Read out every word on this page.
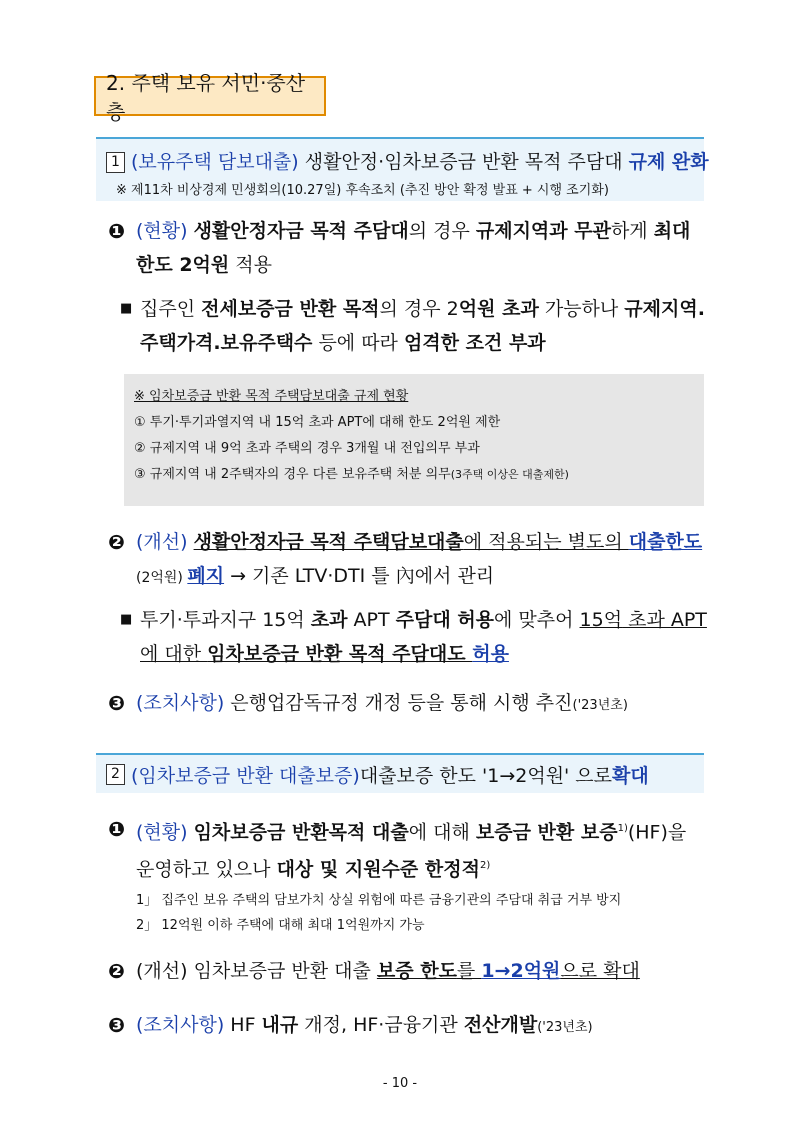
2. 주택 보유 서민·중산층
1 (보유주택 담보대출) 생활안정·임차보증금 반환 목적 주담대 규제 완화
※ 제11차 비상경제 민생회의(10.27일) 후속조치 (추진 방안 확정 발표 + 시행 조기화)
❶ (현황) 생활안정자금 목적 주담대의 경우 규제지역과 무관하게 최대한도 2억원 적용
■ 집주인 전세보증금 반환 목적의 경우 2억원 초과 가능하나 규제지역.주택가격.보유주택수 등에 따라 엄격한 조건 부과
※ 임차보증금 반환 목적 주택담보대출 규제 현황
① 투기·투기과열지역 내 15억 초과 APT에 대해 한도 2억원 제한
② 규제지역 내 9억 초과 주택의 경우 3개월 내 전입의무 부과
③ 규제지역 내 2주택자의 경우 다른 보유주택 처분 의무(3주택 이상은 대출제한)
❷ (개선) 생활안정자금 목적 주택담보대출에 적용되는 별도의 대출한도(2억원) 폐지 → 기존 LTV·DTI 틀 內에서 관리
■ 투기·투과지구 15억 초과 APT 주담대 허용에 맞추어 15억 초과 APT에 대한 임차보증금 반환 목적 주담대도 허용
❸ (조치사항) 은행업감독규정 개정 등을 통해 시행 추진('23년초)
2 (임차보증금 반환 대출보증) 대출보증 한도 '1→2억원' 으로 확대
❶ (현황) 임차보증금 반환목적 대출에 대해 보증금 반환 보증$^{1)}$(HF)을 운영하고 있으나 대상 및 지원수준 한정적$^{2)}$
1」 집주인 보유 주택의 담보가치 상실 위험에 따른 금융기관의 주담대 취급 거부 방지
2」 12억원 이하 주택에 대해 최대 1억원까지 가능
❷ (개선) 임차보증금 반환 대출 보증 한도를 1→2억원으로 확대
❸ (조치사항) HF 내규 개정, HF·금융기관 전산개발('23년초)
- 10 -
